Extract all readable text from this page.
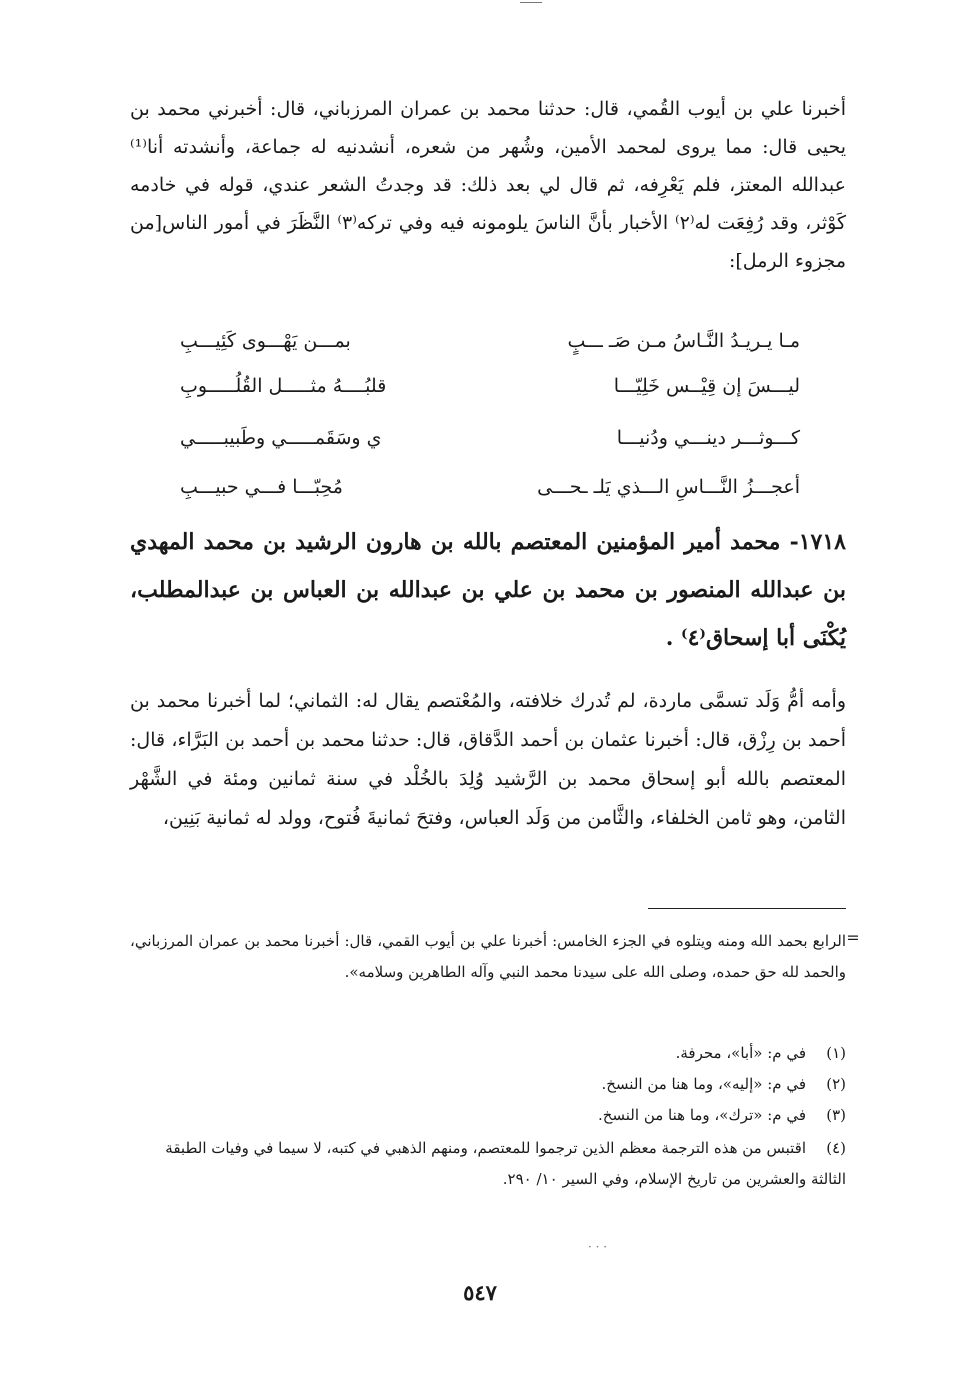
أخبرنا علي بن أيوب القُمي، قال: حدثنا محمد بن عمران المرزباني، قال: أخبرني محمد بن يحيى قال: مما يروى لمحمد الأمين، وشُهر من شعره، أنشدنيه له جماعة، وأنشدته أنا⁽¹⁾ عبدالله المعتز، فلم يَعْرِفه، ثم قال لي بعد ذلك: قد وجدتُ الشعر عندي، قوله في خادمه كَوْثر، وقد رُفِعَت له⁽٢⁾ الأخبار بأنَّ الناسَ يلومونه فيه وفي تركه⁽٣⁾ النَّظَرَ في أمور الناس[من مجزوء الرمل]:
مـا يـريـدُ النَّـاسُ مـن صَـ ـــبٍ
بمـــن يَهْـــوى كَئِيـــبِ
ليـــسَ إن قِيْــس خَلِيّـــا
قلبُــــهُ مثـــــل القُلُـــــوبِ
كـــوثـــر دينـــي ودُنيـــا
ي وسَقَمـــــي وطَبيبـــــي
أعجـــزُ النَّـــاسِ الـــذي يَلـ ـحـــى
مُحِبّـــا فـــي حبيـــبِ
١٧١٨- محمد أمير المؤمنين المعتصم بالله بن هارون الرشيد بن محمد المهدي بن عبدالله المنصور بن محمد بن علي بن عبدالله بن العباس بن عبدالمطلب، يُكْنَى أبا إسحاق⁽٤⁾ .
وأمه أمُّ وَلَد تسمَّى ماردة، لم تُدرك خلافته، والمُعْتصم يقال له: الثماني؛ لما أخبرنا محمد بن أحمد بن رِزْق، قال: أخبرنا عثمان بن أحمد الدَّقاق، قال: حدثنا محمد بن أحمد بن البَرَّاء، قال: المعتصم بالله أبو إسحاق محمد بن الرَّشيد وُلِدَ بالخُلْد في سنة ثمانين ومئة في الشَّهْر الثامن، وهو ثامن الخلفاء، والثَّامن من وَلَد العباس، وفتحَ ثمانيةَ فُتوح، وولد له ثمانية بَنِين،
=
الرابع بحمد الله ومنه ويتلوه في الجزء الخامس: أخبرنا علي بن أيوب القمي، قال: أخبرنا محمد بن عمران المرزباني، والحمد لله حق حمده، وصلى الله على سيدنا محمد النبي وآله الطاهرين وسلامه».
(١)في م: «أبا»، محرفة.
(٢)في م: «إليه»، وما هنا من النسخ.
(٣)في م: «ترك»، وما هنا من النسخ.
(٤)اقتبس من هذه الترجمة معظم الذين ترجموا للمعتصم، ومنهم الذهبي في كتبه، لا سيما في وفيات الطبقة الثالثة والعشرين من تاريخ الإسلام، وفي السير ١٠/ ٢٩٠.
· · ·
٥٤٧
